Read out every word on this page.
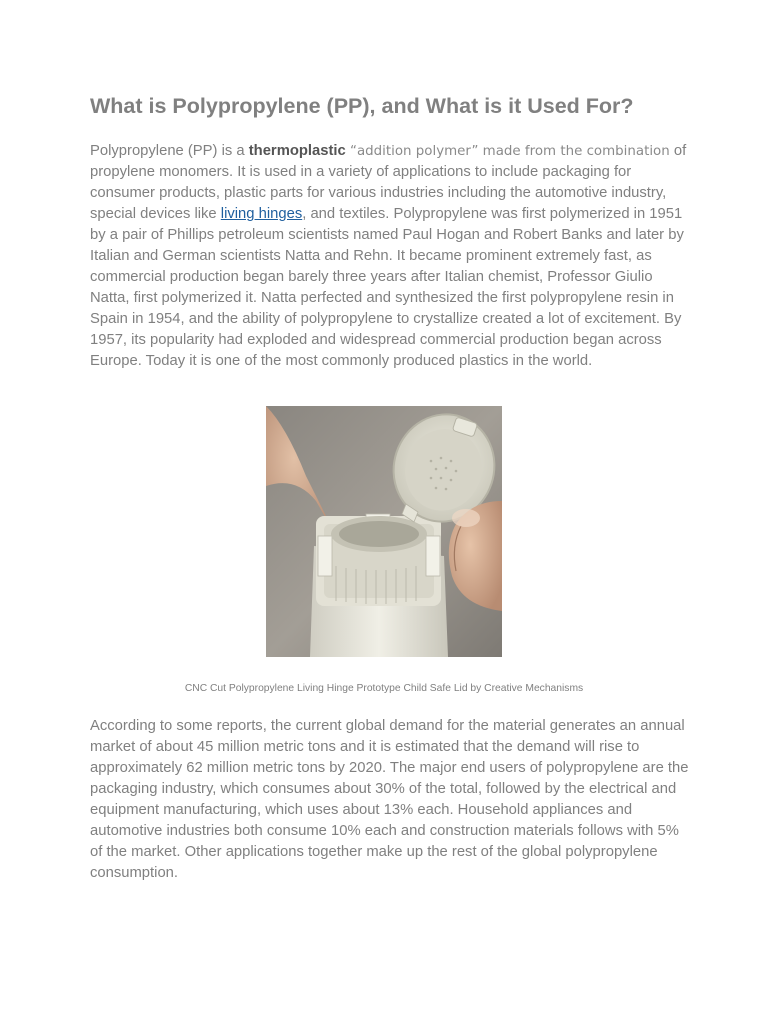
What is Polypropylene (PP), and What is it Used For?

Polypropylene (PP) is a thermoplastic “addition polymer” made from the combination of propylene monomers. It is used in a variety of applications to include packaging for consumer products, plastic parts for various industries including the automotive industry, special devices like living hinges, and textiles. Polypropylene was first polymerized in 1951 by a pair of Phillips petroleum scientists named Paul Hogan and Robert Banks and later by Italian and German scientists Natta and Rehn. It became prominent extremely fast, as commercial production began barely three years after Italian chemist, Professor Giulio Natta, first polymerized it. Natta perfected and synthesized the first polypropylene resin in Spain in 1954, and the ability of polypropylene to crystallize created a lot of excitement. By 1957, its popularity had exploded and widespread commercial production began across Europe. Today it is one of the most commonly produced plastics in the world.

CNC Cut Polypropylene Living Hinge Prototype Child Safe Lid by Creative Mechanisms

According to some reports, the current global demand for the material generates an annual market of about 45 million metric tons and it is estimated that the demand will rise to approximately 62 million metric tons by 2020. The major end users of polypropylene are the packaging industry, which consumes about 30% of the total, followed by the electrical and equipment manufacturing, which uses about 13% each. Household appliances and automotive industries both consume 10% each and construction materials follows with 5% of the market. Other applications together make up the rest of the global polypropylene consumption.
